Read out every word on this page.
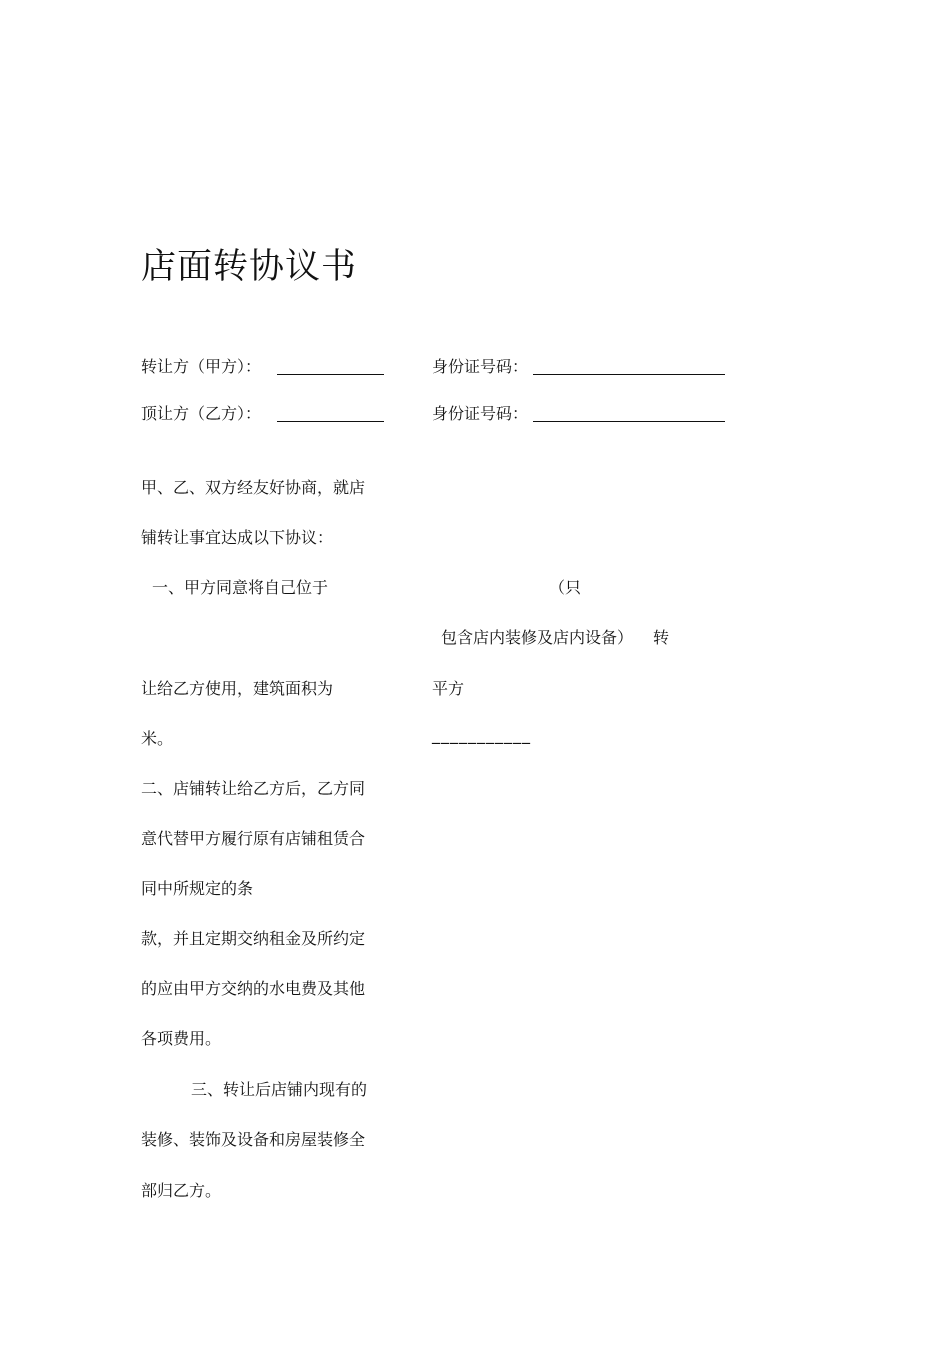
店面转协议书
转让方（甲方）：	身份证号码：
顶让方（乙方）：	身份证号码：
甲、乙、双方经友好协商，就店
铺转让事宜达成以下协议：
一、甲方同意将自己位于
让给乙方使用，建筑面积为
米。
二、店铺转让给乙方后，乙方同
意代替甲方履行原有店铺租赁合
同中所规定的条
款，并且定期交纳租金及所约定
的应由甲方交纳的水电费及其他
各项费用。
三、转让后店铺内现有的
装修、装饰及设备和房屋装修全
部归乙方。
（只
包含店内装修及店内设备） 转
平方
___________
